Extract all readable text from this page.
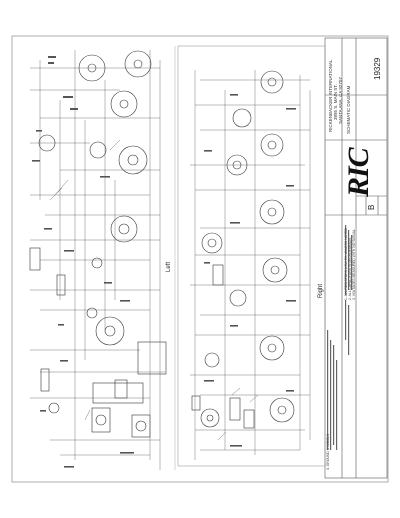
Left
Right
RICKENBACKER INTERNATIONAL 3895 S. MAIN ST. SANTA ANA, CA 92707
RIC
SCHEMATIC DIAGRAM
B
19329
1. ALL RESISTORS 1/4W 5% UNLESS NOTED 2. ALL CAPACITORS IN MICROFARADS 3. VOLTAGES MEASURED WITH NO SIGNAL
4. GROUND SYMBOLS
